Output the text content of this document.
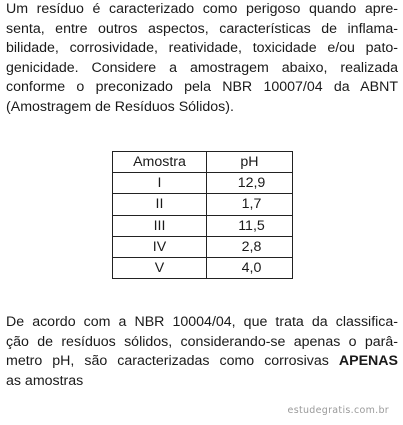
Um resíduo é caracterizado como perigoso quando apre-
senta, entre outros aspectos, características de inflama-
bilidade, corrosividade, reatividade, toxicidade e/ou pato-
genicidade. Considere a amostragem abaixo, realizada
conforme o preconizado pela NBR 10007/04 da ABNT
(Amostragem de Resíduos Sólidos).

Amostra	pH
I	12,9
II	1,7
III	11,5
IV	2,8
V	4,0

De acordo com a NBR 10004/04, que trata da classifica-
ção de resíduos sólidos, considerando-se apenas o parâ-
metro pH, são caracterizadas como corrosivas APENAS
as amostras

estudegratis.com.br
